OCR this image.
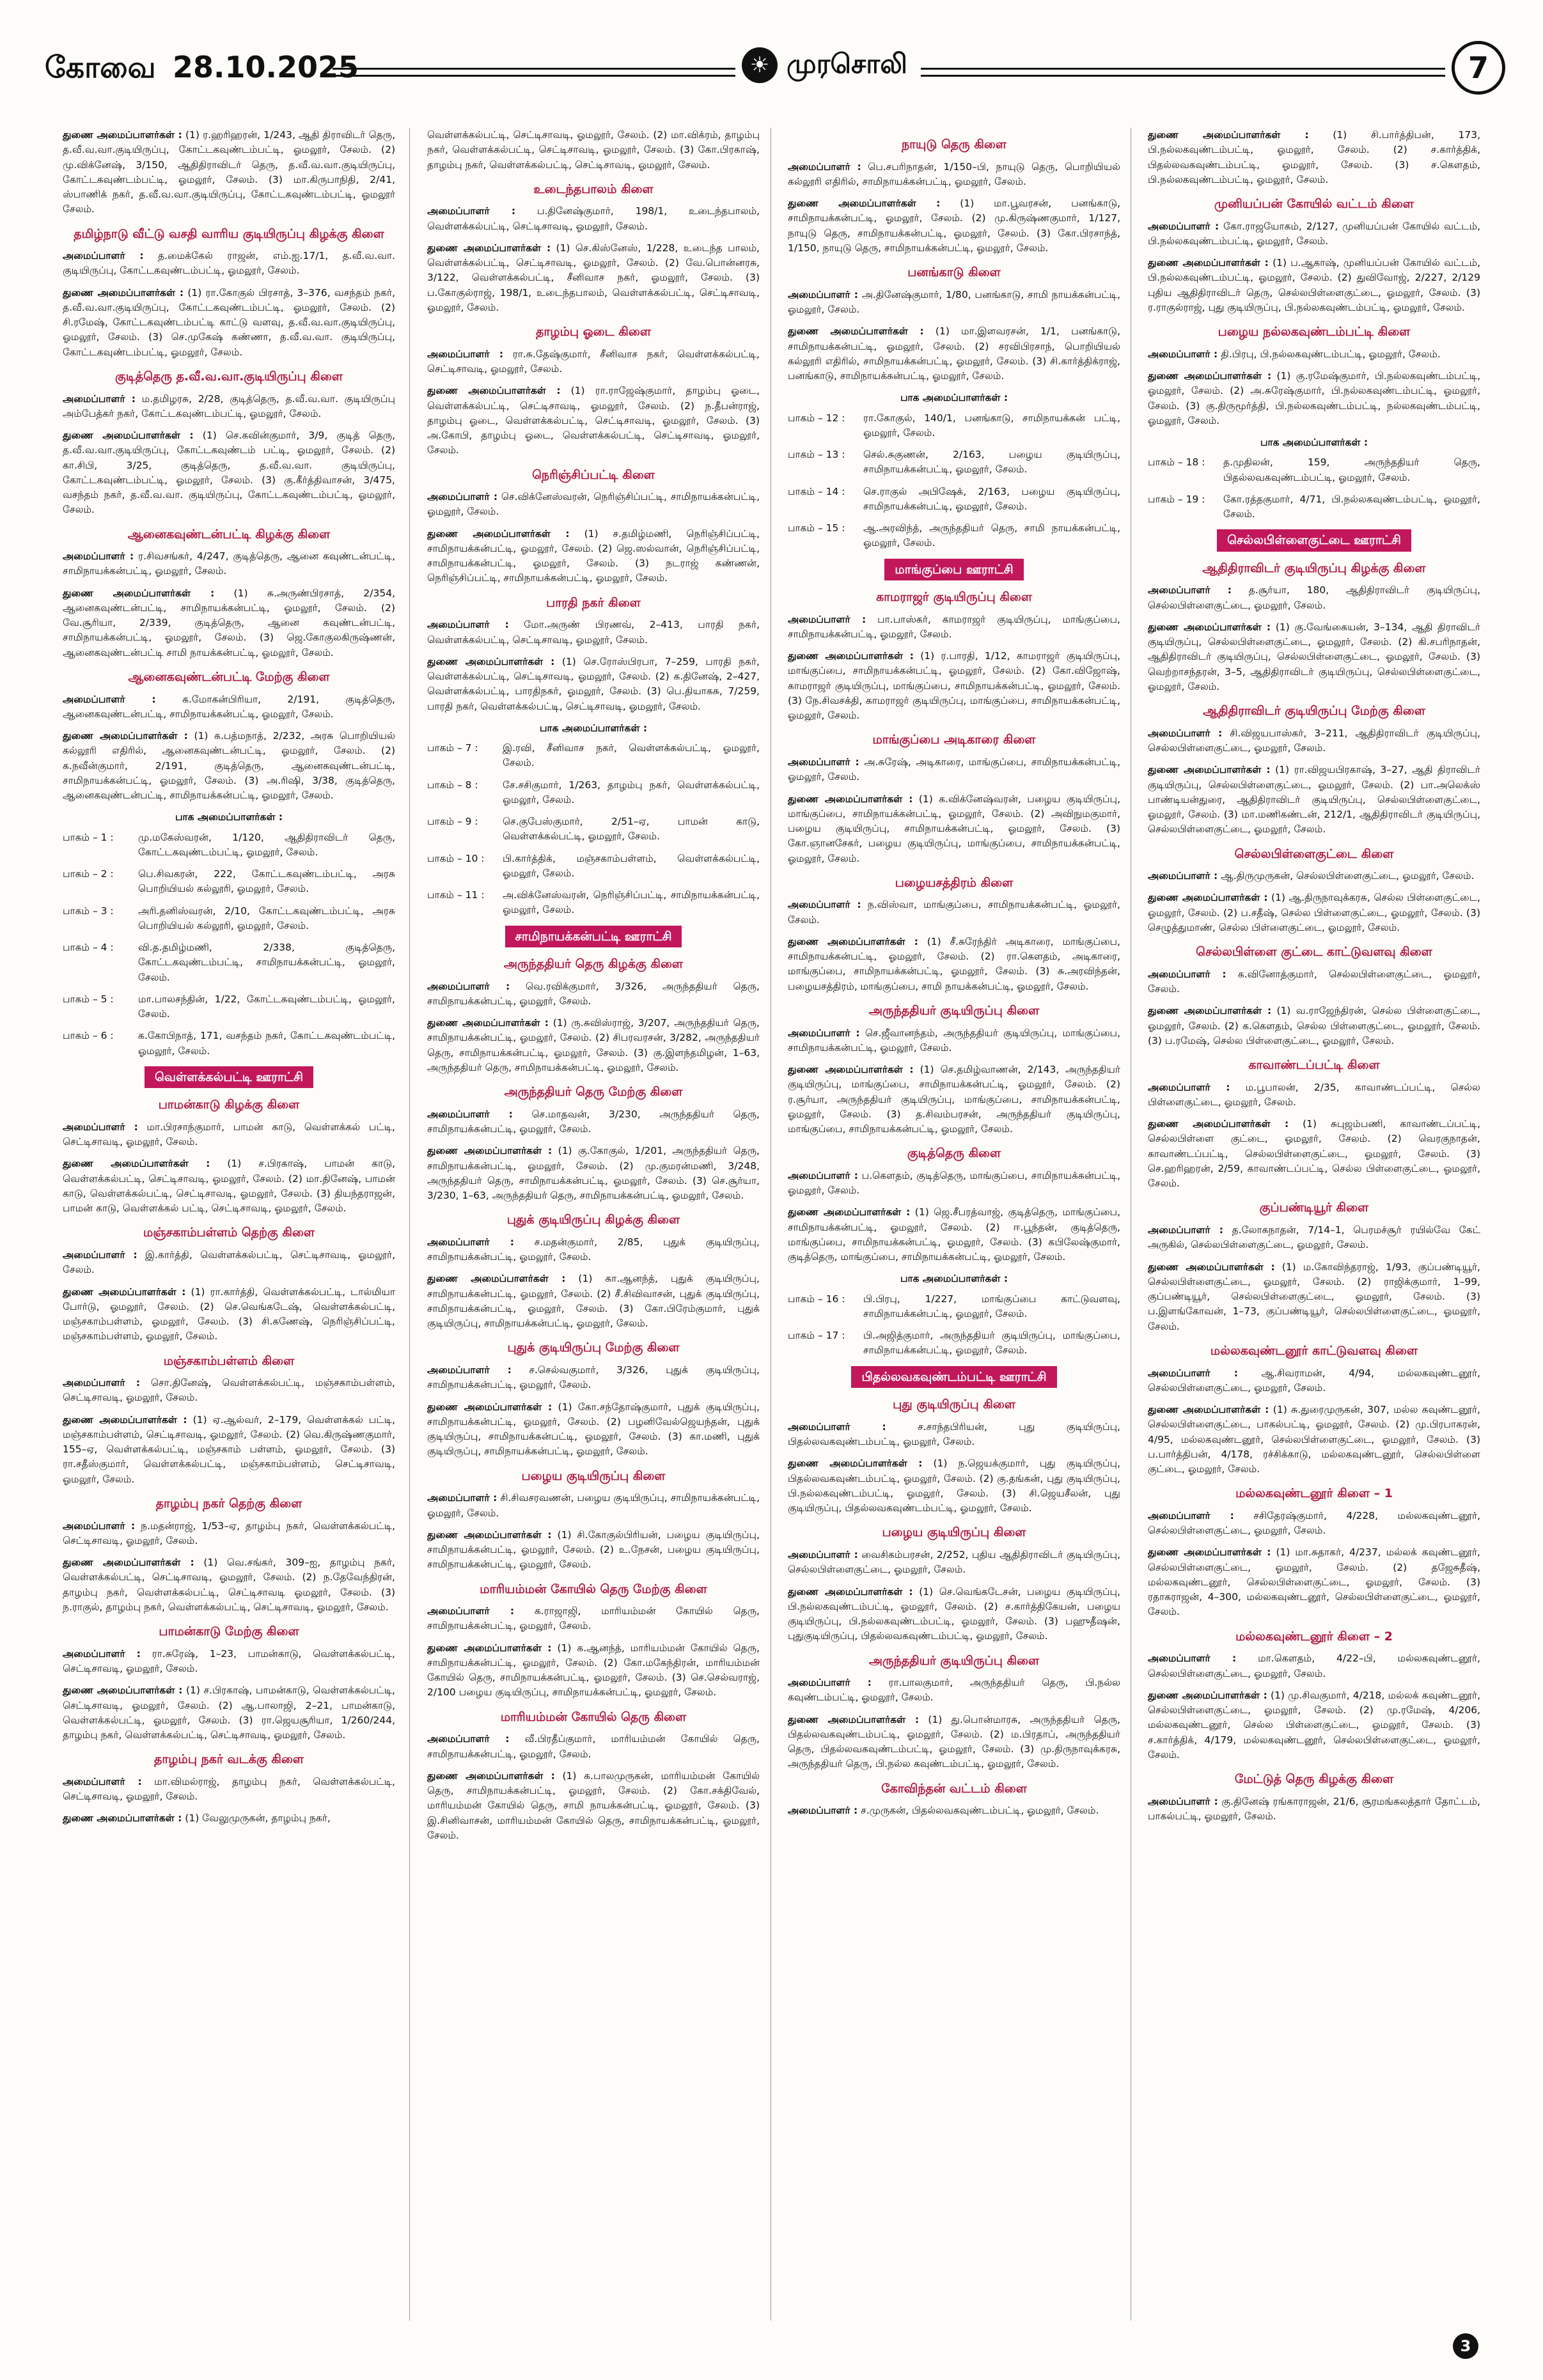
கோவை 28.10.2025	☀ முரசொலி	7

துணை அமைப்பாளர்கள் : (1) ர.ஹரிஹரன், 1/243, ஆதி திராவிடர் தெரு, த.வீ.வ.வா.குடியிருப்பு, கோட்டகவுண்டம்பட்டி, ஓமலூர், சேலம். (2) மு.விக்னேஷ், 3/150, ஆதிதிராவிடர் தெரு, த.வீ.வ.வா.குடியிருப்பு, கோட்டகவுண்டம்பட்டி, ஓமலூர், சேலம். (3) மா.கிருபாநிதி, 2/41, ஸ்பாணிக் நகர், த.வீ.வ.வா.குடியிருப்பு, கோட்டகவுண்டம்பட்டி, ஓமலூர் சேலம்.

தமிழ்நாடு வீட்டு வசதி வாரிய குடியிருப்பு கிழக்கு கிளை

அமைப்பாளர் : த.மைக்கேல் ராஜன், எம்.ஐ.17/1, த.வீ.வ.வா. குடியிருப்பு, கோட்டகவுண்டம்பட்டி, ஓமலூர், சேலம்.

துணை அமைப்பாளர்கள் : (1) ரா.கோகுல் பிரசாத், 3–376, வசந்தம் நகர், த.வீ.வ.வா.குடியிருப்பு, கோட்டகவுண்டம்பட்டி, ஓமலூர், சேலம். (2) சி.ரமேஷ், கோட்டகவுண்டம்பட்டி காட்டு வளவு, த.வீ.வ.வா.குடியிருப்பு, ஓமலூர், சேலம். (3) செ.முகேஷ் கண்ணா, த.வீ.வ.வா. குடியிருப்பு, கோட்டகவுண்டம்பட்டி, ஓமலூர், சேலம்.

குடித்தெரு த.வீ.வ.வா.குடியிருப்பு கிளை

அமைப்பாளர் : ம.தமிழரசு, 2/28, குடித்தெரு, த.வீ.வ.வா. குடியிருப்பு அம்பேத்கர் நகர், கோட்டகவுண்டம்பட்டி, ஓமலூர், சேலம்.

துணை அமைப்பாளர்கள் : (1) செ.கவின்குமார், 3/9, குடித் தெரு, த.வீ.வ.வா.குடியிருப்பு, கோட்டகவுண்டம் பட்டி, ஓமலூர், சேலம். (2) கா.சிபி, 3/25, குடித்தெரு, த.வீ.வ.வா. குடியிருப்பு, கோட்டகவுண்டம்பட்டி, ஓமலூர், சேலம். (3) கு.கீர்த்திவாசன், 3/475, வசந்தம் நகர், த.வீ.வ.வா. குடியிருப்பு, கோட்டகவுண்டம்பட்டி, ஓமலூர், சேலம்.

ஆனைகவுண்டன்பட்டி கிழக்கு கிளை

அமைப்பாளர் : ர.சிவசங்கர், 4/247, குடித்தெரு, ஆனை கவுண்டன்பட்டி, சாமிநாயக்கன்பட்டி, ஓமலூர், சேலம்.

துணை அமைப்பாளர்கள் : (1) சு.அருண்பிரசாத், 2/354, ஆனைகவுண்டன்பட்டி, சாமிநாயக்கன்பட்டி, ஓமலூர், சேலம். (2) வே.சூரியா, 2/339, குடித்தெரு, ஆனை கவுண்டன்பட்டி, சாமிநாயக்கன்பட்டி, ஓமலூர், சேலம். (3) ஜெ.கோகுலகிருஷ்ணன், ஆனைகவுண்டன்பட்டி சாமி நாயக்கன்பட்டி, ஓமலூர், சேலம்.

ஆனைகவுண்டன்பட்டி மேற்கு கிளை

அமைப்பாளர் :	க.மோகன்பிரியா, 2/191, குடித்தெரு, ஆனைகவுண்டன்பட்டி, சாமிநாயக்கன்பட்டி, ஓமலூர், சேலம்.

துணை அமைப்பாளர்கள் : (1) க.பத்மநாத், 2/232, அரசு பொறியியல் கல்லூரி எதிரில், ஆனைகவுண்டன்பட்டி, ஓமலூர், சேலம். (2) க.நவீன்குமார், 2/191, குடித்தெரு, ஆனைகவுண்டன்பட்டி, சாமிநாயக்கன்பட்டி, ஓமலூர், சேலம். (3) அ.ரிஷி, 3/38, குடித்தெரு, ஆனைகவுண்டன்பட்டி, சாமிநாயக்கன்பட்டி, ஓமலூர், சேலம்.

பாக அமைப்பாளர்கள் :
பாகம் – 1 :	மு.மகேஸ்வரன், 1/120, ஆதிதிராவிடர் தெரு, கோட்டகவுண்டம்பட்டி, ஓமலூர், சேலம்.
பாகம் – 2 :	பெ.சிவகரன், 222, கோட்டகவுண்டம்பட்டி, அரசு பொறியியல் கல்லூரி, ஓமலூர், சேலம்.
பாகம் – 3 :	அரி.தனிஸ்வரன், 2/10, கோட்டகவுண்டம்பட்டி, அரசு பொறியியல் கல்லூரி, ஓமலூர், சேலம்.
பாகம் – 4 :	வி.த.தமிழ்மணி, 2/338, குடித்தெரு, கோட்டகவுண்டம்பட்டி, சாமிநாயக்கன்பட்டி, ஓமலூர், சேலம்.
பாகம் – 5 :	மா.பாலசந்தின், 1/22, கோட்டகவுண்டம்பட்டி, ஓமலூர், சேலம்.
பாகம் – 6 :	க.கோபிநாத், 171, வசந்தம் நகர், கோட்டகவுண்டம்பட்டி, ஓமலூர், சேலம்.
வெள்ளக்கல்பட்டி ஊராட்சி
பாமன்காடு கிழக்கு கிளை

அமைப்பாளர் : மா.பிரசாந்குமார், பாமன் காடு, வெள்ளக்கல் பட்டி, செட்டிசாவடி, ஓமலூர், சேலம்.

துணை அமைப்பாளர்கள் : (1) ச.பிரகாஷ், பாமன் காடு, வெள்ளக்கல்பட்டி, செட்டிசாவடி, ஓமலூர், சேலம். (2) மா.தினேஷ், பாமன் காடு, வெள்ளக்கல்பட்டி, செட்டிசாவடி, ஓமலூர், சேலம். (3) தியந்தராஜன், பாமன் காடு, வெள்ளக்கல் பட்டி, செட்டிசாவடி, ஓமலூர், சேலம்.

மஞ்சகாம்பள்ளம் தெற்கு கிளை

அமைப்பாளர் : இ.கார்த்தி, வெள்ளக்கல்பட்டி, செட்டிசாவடி, ஓமலூர், சேலம்.

துணை அமைப்பாளர்கள் : (1) ரா.கார்த்தி, வெள்ளக்கல்பட்டி, டால்மியா போர்டு, ஓமலூர், சேலம். (2) செ.வெங்கடேஷ், வெள்ளக்கல்பட்டி, மஞ்சகாம்பள்ளம், ஓமலூர், சேலம். (3) சி.கணேஷ், நெரிஞ்சிப்பட்டி, மஞ்சகாம்பள்ளம், ஓமலூர், சேலம்.

மஞ்சகாம்பள்ளம் கிளை

அமைப்பாளர் : சொ.தினேஷ், வெள்ளக்கல்பட்டி, மஞ்சகாம்பள்ளம், செட்டிசாவடி, ஓமலூர், சேலம்.

துணை அமைப்பாளர்கள் : (1) ஏ.ஆல்வர், 2–179, வெள்ளக்கல் பட்டி, மஞ்சகாம்பள்ளம், செட்டிசாவடி, ஓமலூர், சேலம். (2) வெ.கிருஷ்ணகுமார், 155–ஏ, வெள்ளக்கல்பட்டி, மஞ்சகாம் பள்ளம், ஓமலூர், சேலம். (3) ரா.சதீஸ்குமார், வெள்ளக்கல்பட்டி, மஞ்சகாம்பள்ளம், செட்டிசாவடி, ஓமலூர், சேலம்.

தாழம்பு நகர் தெற்கு கிளை

அமைப்பாளர் : ந.மதன்ராஜ், 1/53–ஏ, தாழம்பு நகர், வெள்ளக்கல்பட்டி, செட்டிசாவடி, ஓமலூர், சேலம்.

துணை அமைப்பாளர்கள் : (1) வெ.சங்கர், 309–ஐ, தாழம்பு நகர், வெள்ளக்கல்பட்டி, செட்டிசாவடி, ஓமலூர், சேலம். (2) ந.தேவேந்திரன், தாழம்பு நகர், வெள்ளக்கல்பட்டி, செட்டிசாவடி ஓமலூர், சேலம். (3) ந.ராகுல், தாழம்பு நகர், வெள்ளக்கல்பட்டி, செட்டிசாவடி, ஓமலூர், சேலம்.

பாமன்காடு மேற்கு கிளை

அமைப்பாளர் : ரா.சுரேஷ், 1–23, பாமன்காடு, வெள்ளக்கல்பட்டி, செட்டிசாவடி, ஓமலூர், சேலம்.

துணை அமைப்பாளர்கள் : (1) ச.பிரகாஷ், பாமன்காடு, வெள்ளக்கல்பட்டி, செட்டிசாவடி, ஓமலூர், சேலம். (2) ஆ.பாலாஜி, 2–21, பாமன்காடு, வெள்ளக்கல்பட்டி, ஓமலூர், சேலம். (3) ரா.ஜெயசூரியா, 1/260/244, தாழம்பு நகர், வெள்ளக்கல்பட்டி, செட்டிசாவடி, ஓமலூர், சேலம்.

தாழம்பு நகர் வடக்கு கிளை

அமைப்பாளர் : மா.விமல்ராஜ், தாழம்பு நகர், வெள்ளக்கல்பட்டி, செட்டிசாவடி, ஓமலூர், சேலம்.

துணை அமைப்பாளர்கள் : (1) வேலுமுருகன், தாழம்பு நகர்,

வெள்ளக்கல்பட்டி, செட்டிசாவடி, ஓமலூர், சேலம். (2) மா.விக்ரம், தாழம்பு நகர், வெள்ளக்கல்பட்டி, செட்டிசாவடி, ஓமலூர், சேலம். (3) கோ.பிரகாஷ், தாழம்பு நகர், வெள்ளக்கல்பட்டி, செட்டிசாவடி, ஓமலூர், சேலம்.

உடைந்தபாலம் கிளை

அமைப்பாளர் : ப.தினேஷ்குமார், 198/1, உடைந்தபாலம், வெள்ளக்கல்பட்டி, செட்டிசாவடி, ஓமலூர், சேலம்.

துணை அமைப்பாளர்கள் : (1) செ.கிஸ்னேஸ், 1/228, உடைந்த பாலம், வெள்ளக்கல்பட்டி, செட்டிசாவடி, ஓமலூர், சேலம். (2) வே.பொன்னரசு, 3/122, வெள்ளக்கல்பட்டி, சீனிவாச நகர், ஓமலூர், சேலம். (3) ப.கோகுல்ராஜ், 198/1, உடைந்தபாலம், வெள்ளக்கல்பட்டி, செட்டிசாவடி, ஓமலூர், சேலம்.

தாழம்பு ஓடை கிளை

அமைப்பாளர் : ரா.சு.தேஷ்குமார், சீனிவாச நகர், வெள்ளக்கல்பட்டி, செட்டிசாவடி, ஓமலூர், சேலம்.

துணை அமைப்பாளர்கள் : (1) ரா.ராஜேஷ்குமார், தாழம்பு ஓடை, வெள்ளக்கல்பட்டி, செட்டிசாவடி, ஓமலூர், சேலம். (2) ந.தீபன்ராஜ், தாழம்பு ஓடை, வெள்ளக்கல்பட்டி, செட்டிசாவடி, ஓமலூர், சேலம். (3) அ.கோபி, தாழம்பு ஓடை, வெள்ளக்கல்பட்டி, செட்டிசாவடி, ஓமலூர், சேலம்.

நெரிஞ்சிப்பட்டி கிளை

அமைப்பாளர் : செ.விக்னேஸ்வரன், நெரிஞ்சிப்பட்டி, சாமிநாயக்கன்பட்டி, ஓமலூர், சேலம்.

துணை அமைப்பாளர்கள் : (1) ச.தமிழ்மணி, நெரிஞ்சிப்பட்டி, சாமிநாயக்கன்பட்டி, ஓமலூர், சேலம். (2) ஜெ.ஸல்வான், நெரிஞ்சிப்பட்டி, சாமிநாயக்கன்பட்டி, ஓமலூர், சேலம். (3) நடராஜ் கண்ணன், நெரிஞ்சிப்பட்டி, சாமிநாயக்கன்பட்டி, ஓமலூர், சேலம்.

பாரதி நகர் கிளை

அமைப்பாளர் : மோ.அருண் பிரணவ், 2–413, பாரதி நகர், வெள்ளக்கல்பட்டி, செட்டிசாவடி, ஓமலூர், சேலம்.

துணை அமைப்பாளர்கள் : (1) செ.ரோஸ்பிரபா, 7–259, பாரதி நகர், வெள்ளக்கல்பட்டி, செட்டிசாவடி, ஓமலூர், சேலம். (2) க.தினேஷ், 2–427, வெள்ளக்கல்பட்டி, பாரதிநகர், ஓமலூர், சேலம். (3) பெ.தியாகசு, 7/259, பாரதி நகர், வெள்ளக்கல்பட்டி, செட்டிசாவடி, ஓமலூர், சேலம்.

பாக அமைப்பாளர்கள் :
பாகம் – 7 :	இ.ரவி, சீனிவாச நகர், வெள்ளக்கல்பட்டி, ஓமலூர், சேலம்.
பாகம் – 8 :	சே.சசிகுமார், 1/263, தாழம்பு நகர், வெள்ளக்கல்பட்டி, ஓமலூர், சேலம்.
பாகம் – 9 :	செ.குபேஸ்குமார், 2/51–ஏ, பாமன் காடு, வெள்ளக்கல்பட்டி, ஓமலூர், சேலம்.
பாகம் – 10 :	பி.கார்த்திக், மஞ்சகாம்பள்ளம், வெள்ளக்கல்பட்டி, ஓமலூர், சேலம்.
பாகம் – 11 :	அ.விக்னேஸ்வரன், நெரிஞ்சிப்பட்டி, சாமிநாயக்கன்பட்டி, ஓமலூர், சேலம்.
சாமிநாயக்கன்பட்டி ஊராட்சி
அருந்ததியர் தெரு கிழக்கு கிளை

அமைப்பாளர் : வெ.ரவிக்குமார், 3/326, அருந்ததியர் தெரு, சாமிநாயக்கன்பட்டி, ஓமலூர், சேலம்.

துணை அமைப்பாளர்கள் : (1) ரு.சுவிஸ்ராஜ், 3/207, அருந்ததியர் தெரு, சாமிநாயக்கன்பட்டி, ஓமலூர், சேலம். (2) சிபரவரசன், 3/282, அருந்ததியர் தெரு, சாமிநாயக்கன்பட்டி, ஓமலூர், சேலம். (3) கு.இளந்தமிழன், 1–63, அருந்ததியர் தெரு, சாமிநாயக்கன்பட்டி, ஓமலூர், சேலம்.

அருந்ததியர் தெரு மேற்கு கிளை

அமைப்பாளர் : செ.மாதவன், 3/230, அருந்ததியர் தெரு, சாமிநாயக்கன்பட்டி, ஓமலூர், சேலம்.

துணை அமைப்பாளர்கள் : (1) கு.கோகுல், 1/201, அருந்ததியர் தெரு, சாமிநாயக்கன்பட்டி, ஓமலூர், சேலம். (2) மு.குமரன்மணி, 3/248, அருந்ததியர் தெரு, சாமிநாயக்கன்பட்டி, ஓமலூர், சேலம். (3) செ.சூர்யா, 3/230, 1–63, அருந்ததியர் தெரு, சாமிநாயக்கன்பட்டி, ஓமலூர், சேலம்.

புதுக் குடியிருப்பு கிழக்கு கிளை

அமைப்பாளர் : ச.மதன்குமார், 2/85, புதுக் குடியிருப்பு, சாமிநாயக்கன்பட்டி, ஓமலூர், சேலம்.

துணை அமைப்பாளர்கள் : (1) கா.ஆனந்த், புதுக் குடியிருப்பு, சாமிநாயக்கன்பட்டி, ஓமலூர், சேலம். (2) சீ.சிவிவாசன், புதுக் குடியிருப்பு, சாமிநாயக்கன்பட்டி, ஓமலூர், சேலம். (3) கோ.பிரேம்குமார், புதுக் குடியிருப்பு, சாமிநாயக்கன்பட்டி, ஓமலூர், சேலம்.

புதுக் குடியிருப்பு மேற்கு கிளை

அமைப்பாளர் : ச.செல்வகுமார், 3/326, புதுக் குடியிருப்பு, சாமிநாயக்கன்பட்டி, ஓமலூர், சேலம்.

துணை அமைப்பாளர்கள் : (1) கோ.சந்தோஷ்குமார், புதுக் குடியிருப்பு, சாமிநாயக்கன்பட்டி, ஓமலூர், சேலம். (2) பழனிவேல்ஜெயந்தன், புதுக் குடியிருப்பு, சாமிநாயக்கன்பட்டி, ஓமலூர், சேலம். (3) கா.மணி, புதுக் குடியிருப்பு, சாமிநாயக்கன்பட்டி, ஓமலூர், சேலம்.

பழைய குடியிருப்பு கிளை

அமைப்பாளர் : சி.சிவசரவணன், பழைய குடியிருப்பு, சாமிநாயக்கன்பட்டி, ஓமலூர், சேலம்.

துணை அமைப்பாளர்கள் : (1) சி.கோகுல்பிரியன், பழைய குடியிருப்பு, சாமிநாயக்கன்பட்டி, ஓமலூர், சேலம். (2) உ.நேசன், பழைய குடியிருப்பு, சாமிநாயக்கன்பட்டி, ஓமலூர், சேலம்.

மாரியம்மன் கோயில் தெரு மேற்கு கிளை

அமைப்பாளர் : க.ராஜாஜி, மாரியம்மன் கோயில் தெரு, சாமிநாயக்கன்பட்டி, ஓமலூர், சேலம்.

துணை அமைப்பாளர்கள் : (1) க.ஆனந்த், மாரியம்மன் கோயில் தெரு, சாமிநாயக்கன்பட்டி, ஓமலூர், சேலம். (2) கோ.மகேந்திரன், மாரியம்மன் கோயில் தெரு, சாமிநாயக்கன்பட்டி, ஓமலூர், சேலம். (3) செ.செல்வராஜ், 2/100 பழைய குடியிருப்பு, சாமிநாயக்கன்பட்டி, ஓமலூர், சேலம்.

மாரியம்மன் கோயில் தெரு கிளை

அமைப்பாளர் : வீ.பிரதீப்குமார், மாரியம்மன் கோயில் தெரு, சாமிநாயக்கன்பட்டி, ஓமலூர், சேலம்.

துணை அமைப்பாளர்கள் : (1) க.பாலமுருகன், மாரியம்மன் கோயில் தெரு, சாமிநாயக்கன்பட்டி, ஓமலூர், சேலம். (2) கோ.சக்திவேல், மாரியம்மன் கோயில் தெரு, சாமி நாயக்கன்பட்டி, ஓமலூர், சேலம். (3) இ.சினிவாசன், மாரியம்மன் கோயில் தெரு, சாமிநாயக்கன்பட்டி, ஓமலூர், சேலம்.

நாயுடு தெரு கிளை

அமைப்பாளர் : பெ.சபரிநாதன், 1/150–பி, நாயுடு தெரு, பொறியியல் கல்லூரி எதிரில், சாமிநாயக்கன்பட்டி, ஓமலூர், சேலம்.

துணை அமைப்பாளர்கள் : (1) மா.பூவரசன், பனங்காடு, சாமிநாயக்கன்பட்டி, ஓமலூர், சேலம். (2) மு.கிருஷ்ணகுமார், 1/127, நாயுடு தெரு, சாமிநாயக்கன்பட்டி, ஓமலூர், சேலம். (3) கோ.பிரசாந்த், 1/150, நாயுடு தெரு, சாமிநாயக்கன்பட்டி, ஓமலூர், சேலம்.

பனங்காடு கிளை

அமைப்பாளர் : அ.தினேஷ்குமார், 1/80, பனங்காடு, சாமி நாயக்கன்பட்டி, ஓமலூர், சேலம்.

துணை அமைப்பாளர்கள் : (1) மா.இளவரசன், 1/1, பனங்காடு, சாமிநாயக்கன்பட்டி, ஓமலூர், சேலம். (2) சரவிபிரசாந், பொறியியல் கல்லூரி எதிரில், சாமிநாயக்கன்பட்டி, ஓமலூர், சேலம். (3) சி.கார்த்திக்ராஜ், பனங்காடு, சாமிநாயக்கன்பட்டி, ஓமலூர், சேலம்.

பாக அமைப்பாளர்கள் :
பாகம் – 12 :	ரா.கோகுல், 140/1, பனங்காடு, சாமிநாயக்கன் பட்டி, ஓமலூர், சேலம்.
பாகம் – 13 :	செல்.சுகுணன், 2/163, பழைய குடியிருப்பு, சாமிநாயக்கன்பட்டி, ஓமலூர், சேலம்.
பாகம் – 14 :	செ.ராகுல் அபிஷேக், 2/163, பழைய குடியிருப்பு, சாமிநாயக்கன்பட்டி, ஓமலூர், சேலம்.
பாகம் – 15 :	ஆ.அரவிந்த், அருந்ததியர் தெரு, சாமி நாயக்கன்பட்டி, ஓமலூர், சேலம்.
மாங்குப்பை ஊராட்சி
காமராஜர் குடியிருப்பு கிளை

அமைப்பாளர் : பா.பாஸ்கர், காமராஜர் குடியிருப்பு, மாங்குப்பை, சாமிநாயக்கன்பட்டி, ஓமலூர், சேலம்.

துணை அமைப்பாளர்கள் : (1) ர.பாரதி, 1/12, காமராஜர் குடியிருப்பு, மாங்குப்பை, சாமிநாயக்கன்பட்டி, ஓமலூர், சேலம். (2) கோ.விஜோஷ், காமராஜர் குடியிருப்பு, மாங்குப்பை, சாமிநாயக்கன்பட்டி, ஓமலூர், சேலம். (3) நே.சிவசக்தி, காமராஜர் குடியிருப்பு, மாங்குப்பை, சாமிநாயக்கன்பட்டி, ஓமலூர், சேலம்.

மாங்குப்பை அடிகாரை கிளை

அமைப்பாளர் : அ.சுரேஷ், அடிகாரை, மாங்குப்பை, சாமிநாயக்கன்பட்டி, ஓமலூர், சேலம்.

துணை அமைப்பாளர்கள் : (1) க.விக்னேஷ்வரன், பழைய குடியிருப்பு, மாங்குப்பை, சாமிநாயக்கன்பட்டி, ஓமலூர், சேலம். (2) அவிநுமகுமார், பழைய குடியிருப்பு, சாமிநாயக்கன்பட்டி, ஓமலூர், சேலம். (3) கோ.ஞானசேகர், பழைய குடியிருப்பு, மாங்குப்பை, சாமிநாயக்கன்பட்டி, ஓமலூர், சேலம்.

பழையசத்திரம் கிளை

அமைப்பாளர் : ந.விஸ்வா, மாங்குப்பை, சாமிநாயக்கன்பட்டி, ஓமலூர், சேலம்.

துணை அமைப்பாளர்கள் : (1) சீ.சுரேந்திர் அடிகாரை, மாங்குப்பை, சாமிநாயக்கன்பட்டி, ஓமலூர், சேலம். (2) ரா.கௌதம், அடிகாரை, மாங்குப்பை, சாமிநாயக்கன்பட்டி, ஓமலூர், சேலம். (3) சு.அரவிந்தன், பழையசத்திரம், மாங்குப்பை, சாமி நாயக்கன்பட்டி, ஓமலூர், சேலம்.

அருந்ததியர் குடியிருப்பு கிளை

அமைப்பாளர் : செ.ஜீவானந்தம், அருந்ததியர் குடியிருப்பு, மாங்குப்பை, சாமிநாயக்கன்பட்டி, ஓமலூர், சேலம்.

துணை அமைப்பாளர்கள் : (1) செ.தமிழ்வாணன், 2/143, அருந்ததியர் குடியிருப்பு, மாங்குப்பை, சாமிநாயக்கன்பட்டி, ஓமலூர், சேலம். (2) ர.சூர்யா, அருந்ததியர் குடியிருப்பு, மாங்குப்பை, சாமிநாயக்கன்பட்டி, ஓமலூர், சேலம். (3) த.சிவம்பரசன், அருந்ததியர் குடியிருப்பு, மாங்குப்பை, சாமிநாயக்கன்பட்டி, ஓமலூர், சேலம்.

குடித்தெரு கிளை

அமைப்பாளர் : ப.கௌதம், குடித்தெரு, மாங்குப்பை, சாமிநாயக்கன்பட்டி, ஓமலூர், சேலம்.

துணை அமைப்பாளர்கள் : (1) ஜெ.சீபரத்வாஜ், குடித்தெரு, மாங்குப்பை, சாமிநாயக்கன்பட்டி, ஓமலூர், சேலம். (2) ஈ.பூந்தன், குடித்தெரு, மாங்குப்பை, சாமிநாயக்கன்பட்டி, ஓமலூர், சேலம். (3) கபிலேஷ்குமார், குடித்தெரு, மாங்குப்பை, சாமிநாயக்கன்பட்டி, ஓமலூர், சேலம்.

பாக அமைப்பாளர்கள் :
பாகம் – 16 :	பி.பிரபு, 1/227, மாங்குப்பை காட்டுவளவு, சாமிநாயக்கன்பட்டி, ஓமலூர், சேலம்.
பாகம் – 17 :	பி.அஜித்குமார், அருந்ததியர் குடியிருப்பு, மாங்குப்பை, சாமிநாயக்கன்பட்டி, ஓமலூர், சேலம்.
பிதல்லவகவுண்டம்பட்டி ஊராட்சி
புது குடியிருப்பு கிளை

அமைப்பாளர் :	ச.சாந்தபிரியன், புது குடியிருப்பு, பிதல்லவகவுண்டம்பட்டி, ஓமலூர், சேலம்.

துணை அமைப்பாளர்கள் : (1) ந.ஜெயக்குமார், புது குடியிருப்பு, பிதல்லவகவுண்டம்பட்டி, ஓமலூர், சேலம். (2) கு.தங்கன், புது குடியிருப்பு, பி.நல்லகவுண்டம்பட்டி, ஓமலூர், சேலம். (3) சி.ஜெயசீலன், புது குடியிருப்பு, பிதல்லவகவுண்டம்பட்டி, ஓமலூர், சேலம்.

பழைய குடியிருப்பு கிளை

அமைப்பாளர் : வைசிகம்பரசன், 2/252, புதிய ஆதிதிராவிடர் குடியிருப்பு, செல்லபிள்ளைகுட்டை, ஓமலூர், சேலம்.

துணை அமைப்பாளர்கள் : (1) செ.வெங்கடேசன், பழைய குடியிருப்பு, பி.நல்லகவுண்டம்பட்டி, ஓமலூர், சேலம். (2) ச.கார்த்திகேயன், பழைய குடியிருப்பு, பி.நல்லகவுண்டம்பட்டி, ஓமலூர், சேலம். (3) பஹுதீஷன், புதுகுடியிருப்பு, பிதல்லவகவுண்டம்பட்டி, ஓமலூர், சேலம்.

அருந்ததியர் குடியிருப்பு கிளை

அமைப்பாளர் : ரா.பாலகுமார், அருந்ததியர் தெரு, பி.நல்ல கவுண்டம்பட்டி, ஓமலூர், சேலம்.

துணை அமைப்பாளர்கள் : (1) து.பொன்மாரசு, அருந்ததியர் தெரு, பிதல்லவகவுண்டம்பட்டி, ஓமலூர், சேலம். (2) ம.பிரதாப், அருந்ததியர் தெரு, பிதல்லவகவுண்டம்பட்டி, ஓமலூர், சேலம். (3) மு.திருநாவுக்கரசு, அருந்ததியர் தெரு, பி.நல்ல கவுண்டம்பட்டி, ஓமலூர், சேலம்.

கோவிந்தன் வட்டம் கிளை

அமைப்பாளர் : ச.முருகன், பிதல்லவகவுண்டம்பட்டி, ஓமலூர், சேலம்.

துணை அமைப்பாளர்கள் : (1) சி.பார்த்திபன், 173, பி.நல்லகவுண்டம்பட்டி, ஓமலூர், சேலம். (2) ச.கார்த்திக், பிதல்லவகவுண்டம்பட்டி, ஓமலூர், சேலம். (3) ச.கௌதம், பி.நல்லகவுண்டம்பட்டி, ஓமலூர், சேலம்.

முனியப்பன் கோயில் வட்டம் கிளை

அமைப்பாளர் : கோ.ராஜயோகம், 2/127, முனியப்பன் கோயில் வட்டம், பி.நல்லகவுண்டம்பட்டி, ஓமலூர், சேலம்.

துணை அமைப்பாளர்கள் : (1) ப.ஆகாஷ், முனியப்பன் கோயில் வட்டம், பி.நல்லகவுண்டம்பட்டி, ஓமலூர், சேலம். (2) துவிவோஜ், 2/227, 2/129 புதிய ஆதிதிராவிடர் தெரு, செல்லபிள்ளைகுட்டை, ஓமலூர், சேலம். (3) ர.ராகுல்ராஜ், புது குடியிருப்பு, பி.நல்லகவுண்டம்பட்டி, ஓமலூர், சேலம்.

பழைய நல்லகவுண்டம்பட்டி கிளை

அமைப்பாளர் : தி.பிரபு, பி.நல்லகவுண்டம்பட்டி, ஓமலூர், சேலம்.

துணை அமைப்பாளர்கள் : (1) கு.ரமேஷ்குமார், பி.நல்லகவுண்டம்பட்டி, ஓமலூர், சேலம். (2) அ.சுரேஷ்குமார், பி.நல்லகவுண்டம்பட்டி, ஓமலூர், சேலம். (3) கு.திருமூர்த்தி, பி.நல்லகவுண்டம்பட்டி, நல்லகவுண்டம்பட்டி, ஓமலூர், சேலம்.

பாக அமைப்பாளர்கள் :
பாகம் – 18 :	த.முதிலன், 159, அருந்ததியர் தெரு, பிதல்லவகவுண்டம்பட்டி, ஓமலூர், சேலம்.
பாகம் – 19 :	கோ.ரத்தகுமார், 4/71, பி.நல்லகவுண்டம்பட்டி, ஓமலூர், சேலம்.
செல்லபிள்ளைகுட்டை ஊராட்சி
ஆதிதிராவிடர் குடியிருப்பு கிழக்கு கிளை

அமைப்பாளர் : த.சூர்யா, 180, ஆதிதிராவிடர் குடியிருப்பு, செல்லபிள்ளைகுட்டை, ஓமலூர், சேலம்.

துணை அமைப்பாளர்கள் : (1) கு.வேங்கையன், 3–134, ஆதி திராவிடர் குடியிருப்பு, செல்லபிள்ளைகுட்டை, ஓமலூர், சேலம். (2) கி.சபரிநாதன், ஆதிதிராவிடர் குடியிருப்பு, செல்லபிள்ளைகுட்டை, ஓமலூர், சேலம். (3) வெற்றாசந்தரன், 3–5, ஆதிதிராவிடர் குடியிருப்பு, செல்லபிள்ளைகுட்டை, ஓமலூர், சேலம்.

ஆதிதிராவிடர் குடியிருப்பு மேற்கு கிளை

அமைப்பாளர் : சி.விஜயபாஸ்கர், 3–211, ஆதிதிராவிடர் குடியிருப்பு, செல்லபிள்ளைகுட்டை, ஓமலூர், சேலம்.

துணை அமைப்பாளர்கள் : (1) ரா.விஜயபிரகாஷ், 3–27, ஆதி திராவிடர் குடியிருப்பு, செல்லபிள்ளைகுட்டை, ஓமலூர், சேலம். (2) பா.அலெக்ஸ் பாண்டியன்துரை, ஆதிதிராவிடர் குடியிருப்பு, செல்லபிள்ளைகுட்டை, ஓமலூர், சேலம். (3) மா.மணிகண்டன், 212/1, ஆதிதிராவிடர் குடியிருப்பு, செல்லபிள்ளைகுட்டை, ஓமலூர், சேலம்.

செல்லபிள்ளைகுட்டை கிளை

அமைப்பாளர் : ஆ.திருமுருகன், செல்லபிள்ளைகுட்டை, ஓமலூர், சேலம்.

துணை அமைப்பாளர்கள் : (1) ஆ.திருநாவுக்கரசு, செல்ல பிள்ளைகுட்டை, ஓமலூர், சேலம். (2) ப.சதீஷ், செல்ல பிள்ளைகுட்டை, ஓமலூர், சேலம். (3) செழுத்துமாண், செல்ல பிள்ளைகுட்டை, ஓமலூர், சேலம்.

செல்லபிள்ளை குட்டை காட்டுவளவு கிளை

அமைப்பாளர் : க.வினோத்குமார், செல்லபிள்ளைகுட்டை, ஓமலூர், சேலம்.

துணை அமைப்பாளர்கள் : (1) வ.ராஜேந்திரன், செல்ல பிள்ளைகுட்டை, ஓமலூர், சேலம். (2) க.கௌதம், செல்ல பிள்ளைகுட்டை, ஓமலூர், சேலம். (3) ப.ரமேஷ், செல்ல பிள்ளைகுட்டை, ஓமலூர், சேலம்.

காவாண்டப்பட்டி கிளை

அமைப்பாளர் : ம.பூபாலன், 2/35, காவாண்டப்பட்டி, செல்ல பிள்ளைகுட்டை, ஓமலூர், சேலம்.

துணை அமைப்பாளர்கள் : (1) சுபுஜம்பணி, காவாண்டப்பட்டி, செல்லபிள்ளை குட்டை, ஓமலூர், சேலம். (2) வெரகுநாதன், காவாண்டப்பட்டி, செல்லபிள்ளைகுட்டை, ஓமலூர், சேலம். (3) செ.ஹரிஹரன், 2/59, காவாண்டப்பட்டி, செல்ல பிள்ளைகுட்டை, ஓமலூர், சேலம்.

குப்பண்டியூர் கிளை

அமைப்பாளர் : த.லோகநாதன், 7/14–1, பெரமச்சூர் ரயில்வே கேட் அருகில், செல்லபிள்ளைகுட்டை, ஓமலூர், சேலம்.

துணை அமைப்பாளர்கள் : (1) ம.கோவிந்தராஜ், 1/93, குப்பண்டியூர், செல்லபிள்ளைகுட்டை, ஓமலூர், சேலம். (2) ராஜிக்குமார், 1–99, குப்பண்டியூர், செல்லபிள்ளைகுட்டை, ஓமலூர், சேலம். (3) ப.இளங்கோவன், 1–73, குப்பண்டியூர், செல்லபிள்ளைகுட்டை, ஓமலூர், சேலம்.

மல்லகவுண்டனூர் காட்டுவளவு கிளை

அமைப்பாளர் : ஆ.சிவராமன், 4/94, மல்லகவுண்டனூர், செல்லபிள்ளைகுட்டை, ஓமலூர், சேலம்.

துணை அமைப்பாளர்கள் : (1) சு.துரைமுருகன், 307, மல்ல கவுண்டனூர், செல்லபிள்ளைகுட்டை, பாகல்பட்டி, ஓமலூர், சேலம். (2) மு.பிரபாகரன், 4/95, மல்லகவுண்டனூர், செல்லபிள்ளைகுட்டை, ஓமலூர், சேலம். (3) ப.பார்த்திபன், 4/178, ரச்சிக்காடு, மல்லகவுண்டனூர், செல்லபிள்ளை குட்டை, ஓமலூர், சேலம்.

மல்லகவுண்டனூர் கிளை – 1

அமைப்பாளர் : சசிதேரஷ்குமார், 4/228, மல்லகவுண்டனூர், செல்லபிள்ளைகுட்டை, ஓமலூர், சேலம்.

துணை அமைப்பாளர்கள் : (1) மா.சுதாகர், 4/237, மல்லக் கவுண்டனூர், செல்லபிள்ளைகுட்டை, ஓமலூர், சேலம். (2) தஜேசுதீஷ், மல்லகவுண்டனூர், செல்லபிள்ளைகுட்டை, ஓமலூர், சேலம். (3) ரதாகராஜன், 4–300, மல்லகவுண்டனூர், செல்லபிள்ளைகுட்டை, ஓமலூர், சேலம்.

மல்லகவுண்டனூர் கிளை – 2

அமைப்பாளர் : மா.கௌதம், 4/22–பி, மல்லகவுண்டனூர், செல்லபிள்ளைகுட்டை, ஓமலூர், சேலம்.

துணை அமைப்பாளர்கள் : (1) மு.சிவகுமார், 4/218, மல்லக் கவுண்டனூர், செல்லபிள்ளைகுட்டை, ஓமலூர், சேலம். (2) மு.ரமேஷ், 4/206, மல்லகவுண்டனூர், செல்ல பிள்ளைகுட்டை, ஓமலூர், சேலம். (3) ச.கார்த்திக், 4/179, மல்லகவுண்டனூர், செல்லபிள்ளைகுட்டை, ஓமலூர், சேலம்.

மேட்டுத் தெரு கிழக்கு கிளை

அமைப்பாளர் : கு.தினேஷ் ரங்காராஜன், 21/6, சூரமங்கலத்தார் தோட்டம், பாகல்பட்டி, ஓமலூர், சேலம்.

3
